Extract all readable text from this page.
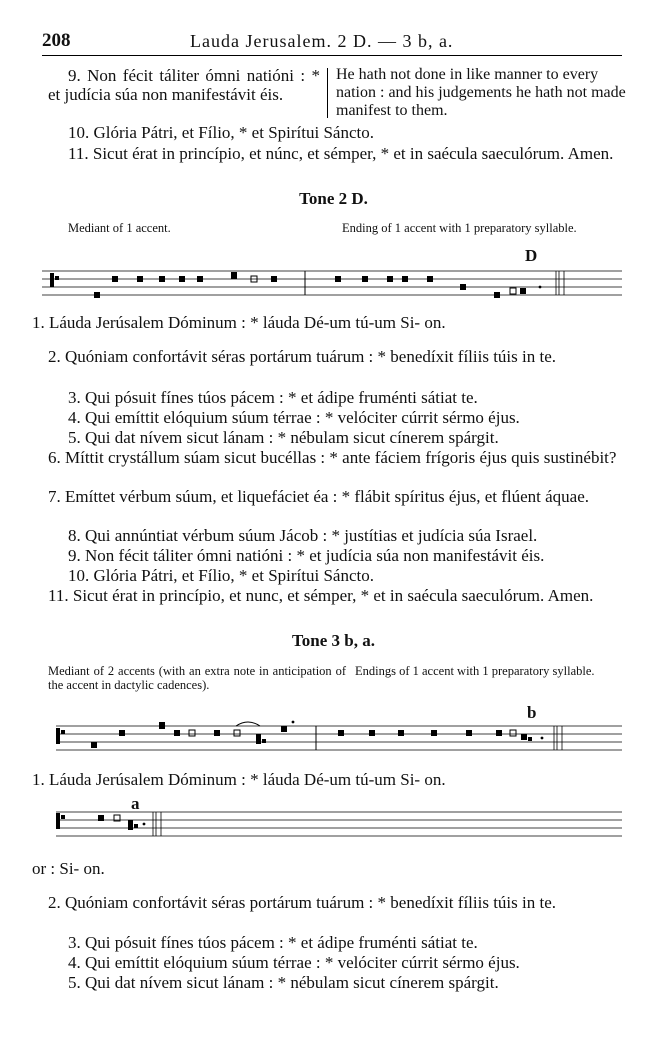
208	Lauda Jerusalem. 2 D. — 3 b, a.
9. Non fécit táliter ómni natióni : * et judícia súa non manifestávit éis.
He hath not done in like manner to every nation : and his judgements he hath not made manifest to them.

10. Glória Pátri, et Fílio, * et Spirítui Sáncto.

11. Sicut érat in princípio, et núnc, et sémper, * et in saécula saeculórum. Amen.

Tone 2 D.
Mediant of 1 accent.	Ending of 1 accent with 1 preparatory syllable.
D
1. Láuda Jerúsalem Dóminum : * láuda Dé-um tú-um Si- on.

2. Quóniam confortávit séras portárum tuárum : * benedíxit fíliis túis in te.

3. Qui pósuit fínes túos pácem : * et ádipe fruménti sátiat te.

4. Qui emíttit elóquium súum térrae : * velóciter cúrrit sérmo éjus.

5. Qui dat nívem sicut lánam : * nébulam sicut cínerem spárgit.

6. Míttit crystállum súam sicut bucéllas : * ante fáciem frígoris éjus quis sustinébit?

7. Emíttet vérbum súum, et liquefáciet éa : * flábit spíritus éjus, et flúent áquae.

8. Qui annúntiat vérbum súum Jácob : * justítias et judícia súa Israel.

9. Non fécit táliter ómni natióni : * et judícia súa non manifestávit éis.

10. Glória Pátri, et Fílio, * et Spirítui Sáncto.

11. Sicut érat in princípio, et nunc, et sémper, * et in saécula saeculórum. Amen.

Tone 3 b, a.
Mediant of 2 accents (with an extra note in anticipation of the accent in dactylic cadences).
Endings of 1 accent with 1 preparatory syllable.
b
1. Láuda Jerúsalem Dóminum : * láuda Dé-um tú-um Si- on.
a
or : Si- on.

2. Quóniam confortávit séras portárum tuárum : * benedíxit fíliis túis in te.

3. Qui pósuit fínes túos pácem : * et ádipe fruménti sátiat te.

4. Qui emíttit elóquium súum térrae : * velóciter cúrrit sérmo éjus.

5. Qui dat nívem sicut lánam : * nébulam sicut cínerem spárgit.
